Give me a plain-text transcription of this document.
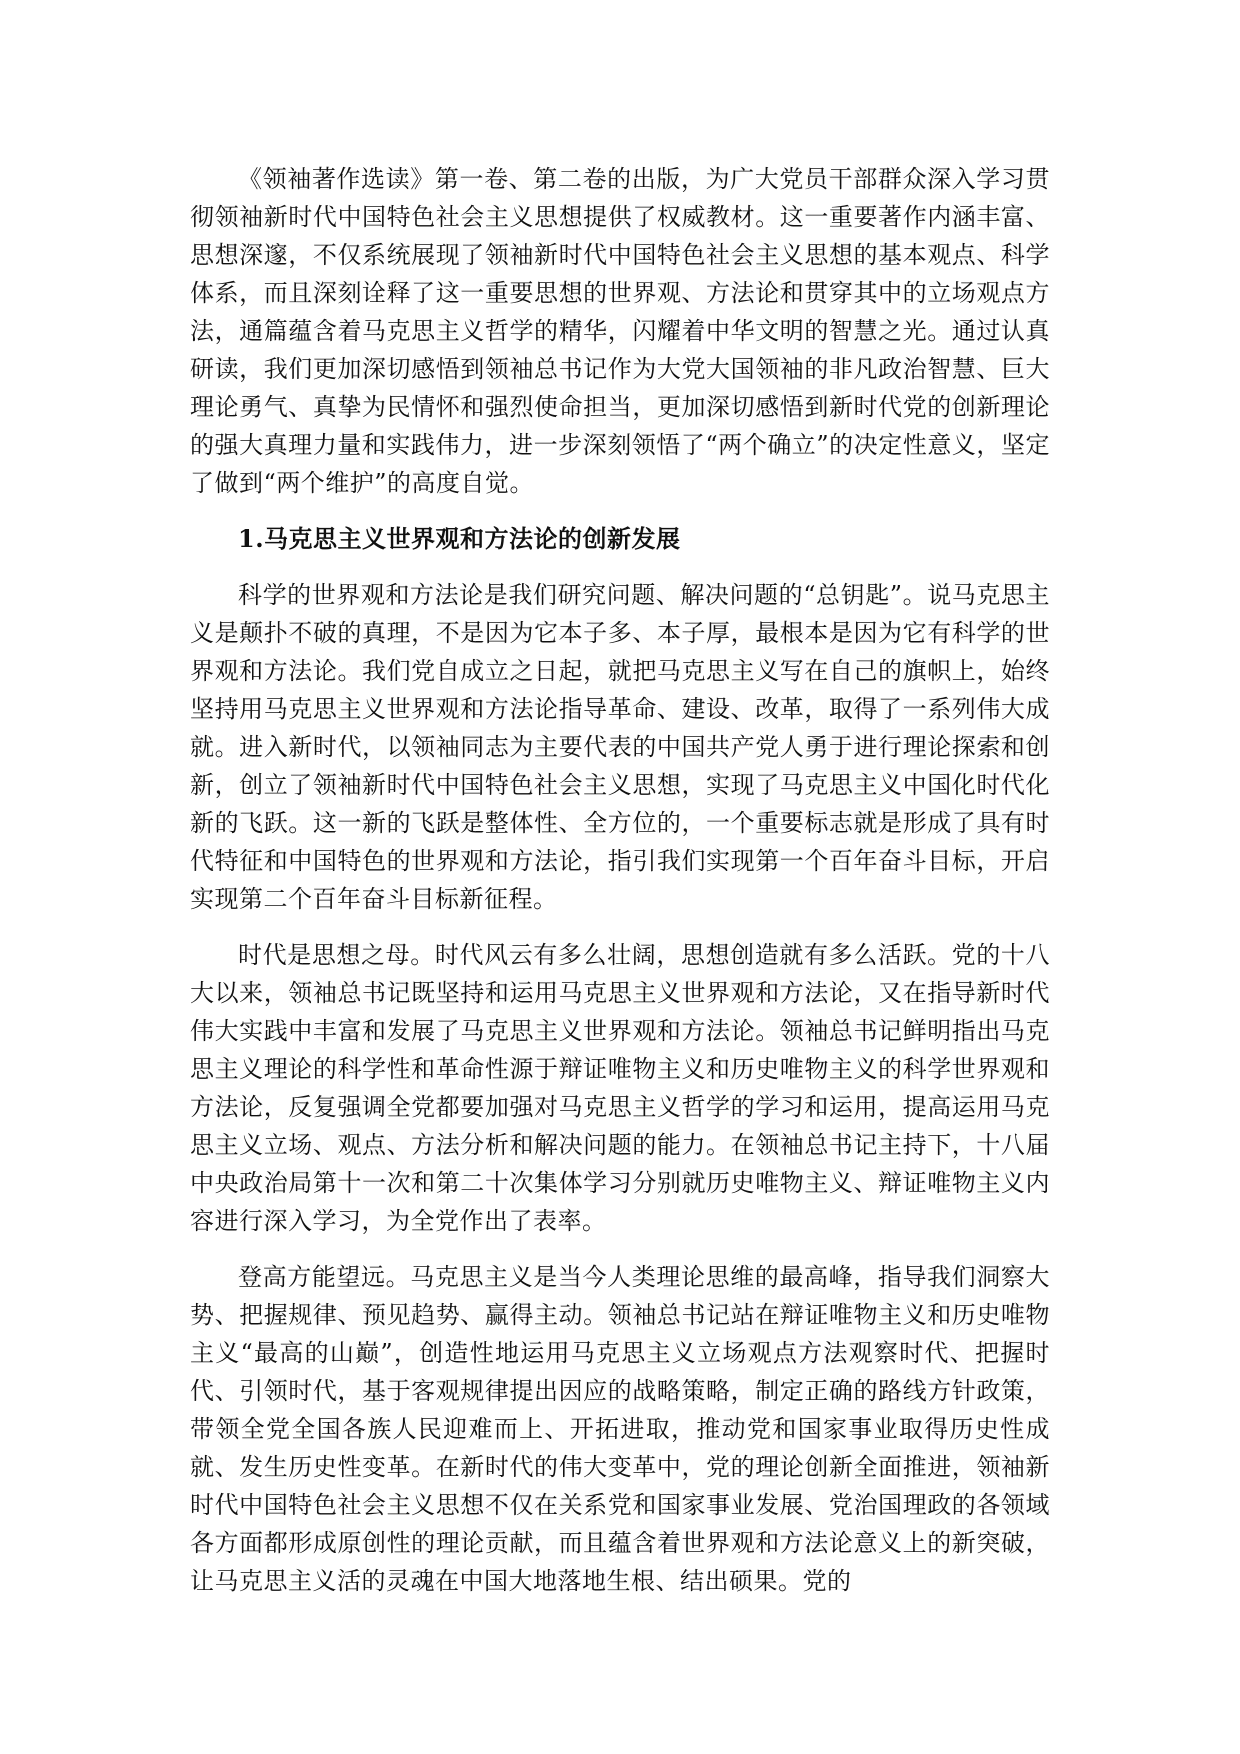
《领袖著作选读》第一卷、第二卷的出版，为广大党员干部群众深入学习贯彻领袖新时代中国特色社会主义思想提供了权威教材。这一重要著作内涵丰富、思想深邃，不仅系统展现了领袖新时代中国特色社会主义思想的基本观点、科学体系，而且深刻诠释了这一重要思想的世界观、方法论和贯穿其中的立场观点方法，通篇蕴含着马克思主义哲学的精华，闪耀着中华文明的智慧之光。通过认真研读，我们更加深切感悟到领袖总书记作为大党大国领袖的非凡政治智慧、巨大理论勇气、真挚为民情怀和强烈使命担当，更加深切感悟到新时代党的创新理论的强大真理力量和实践伟力，进一步深刻领悟了“两个确立”的决定性意义，坚定了做到“两个维护”的高度自觉。

1.马克思主义世界观和方法论的创新发展

科学的世界观和方法论是我们研究问题、解决问题的“总钥匙”。说马克思主义是颠扑不破的真理，不是因为它本子多、本子厚，最根本是因为它有科学的世界观和方法论。我们党自成立之日起，就把马克思主义写在自己的旗帜上，始终坚持用马克思主义世界观和方法论指导革命、建设、改革，取得了一系列伟大成就。进入新时代，以领袖同志为主要代表的中国共产党人勇于进行理论探索和创新，创立了领袖新时代中国特色社会主义思想，实现了马克思主义中国化时代化新的飞跃。这一新的飞跃是整体性、全方位的，一个重要标志就是形成了具有时代特征和中国特色的世界观和方法论，指引我们实现第一个百年奋斗目标，开启实现第二个百年奋斗目标新征程。

时代是思想之母。时代风云有多么壮阔，思想创造就有多么活跃。党的十八大以来，领袖总书记既坚持和运用马克思主义世界观和方法论，又在指导新时代伟大实践中丰富和发展了马克思主义世界观和方法论。领袖总书记鲜明指出马克思主义理论的科学性和革命性源于辩证唯物主义和历史唯物主义的科学世界观和方法论，反复强调全党都要加强对马克思主义哲学的学习和运用，提高运用马克思主义立场、观点、方法分析和解决问题的能力。在领袖总书记主持下，十八届中央政治局第十一次和第二十次集体学习分别就历史唯物主义、辩证唯物主义内容进行深入学习，为全党作出了表率。

登高方能望远。马克思主义是当今人类理论思维的最高峰，指导我们洞察大势、把握规律、预见趋势、赢得主动。领袖总书记站在辩证唯物主义和历史唯物主义“最高的山巅”，创造性地运用马克思主义立场观点方法观察时代、把握时代、引领时代，基于客观规律提出因应的战略策略，制定正确的路线方针政策，带领全党全国各族人民迎难而上、开拓进取，推动党和国家事业取得历史性成就、发生历史性变革。在新时代的伟大变革中，党的理论创新全面推进，领袖新时代中国特色社会主义思想不仅在关系党和国家事业发展、党治国理政的各领域各方面都形成原创性的理论贡献，而且蕴含着世界观和方法论意义上的新突破，让马克思主义活的灵魂在中国大地落地生根、结出硕果。党的
